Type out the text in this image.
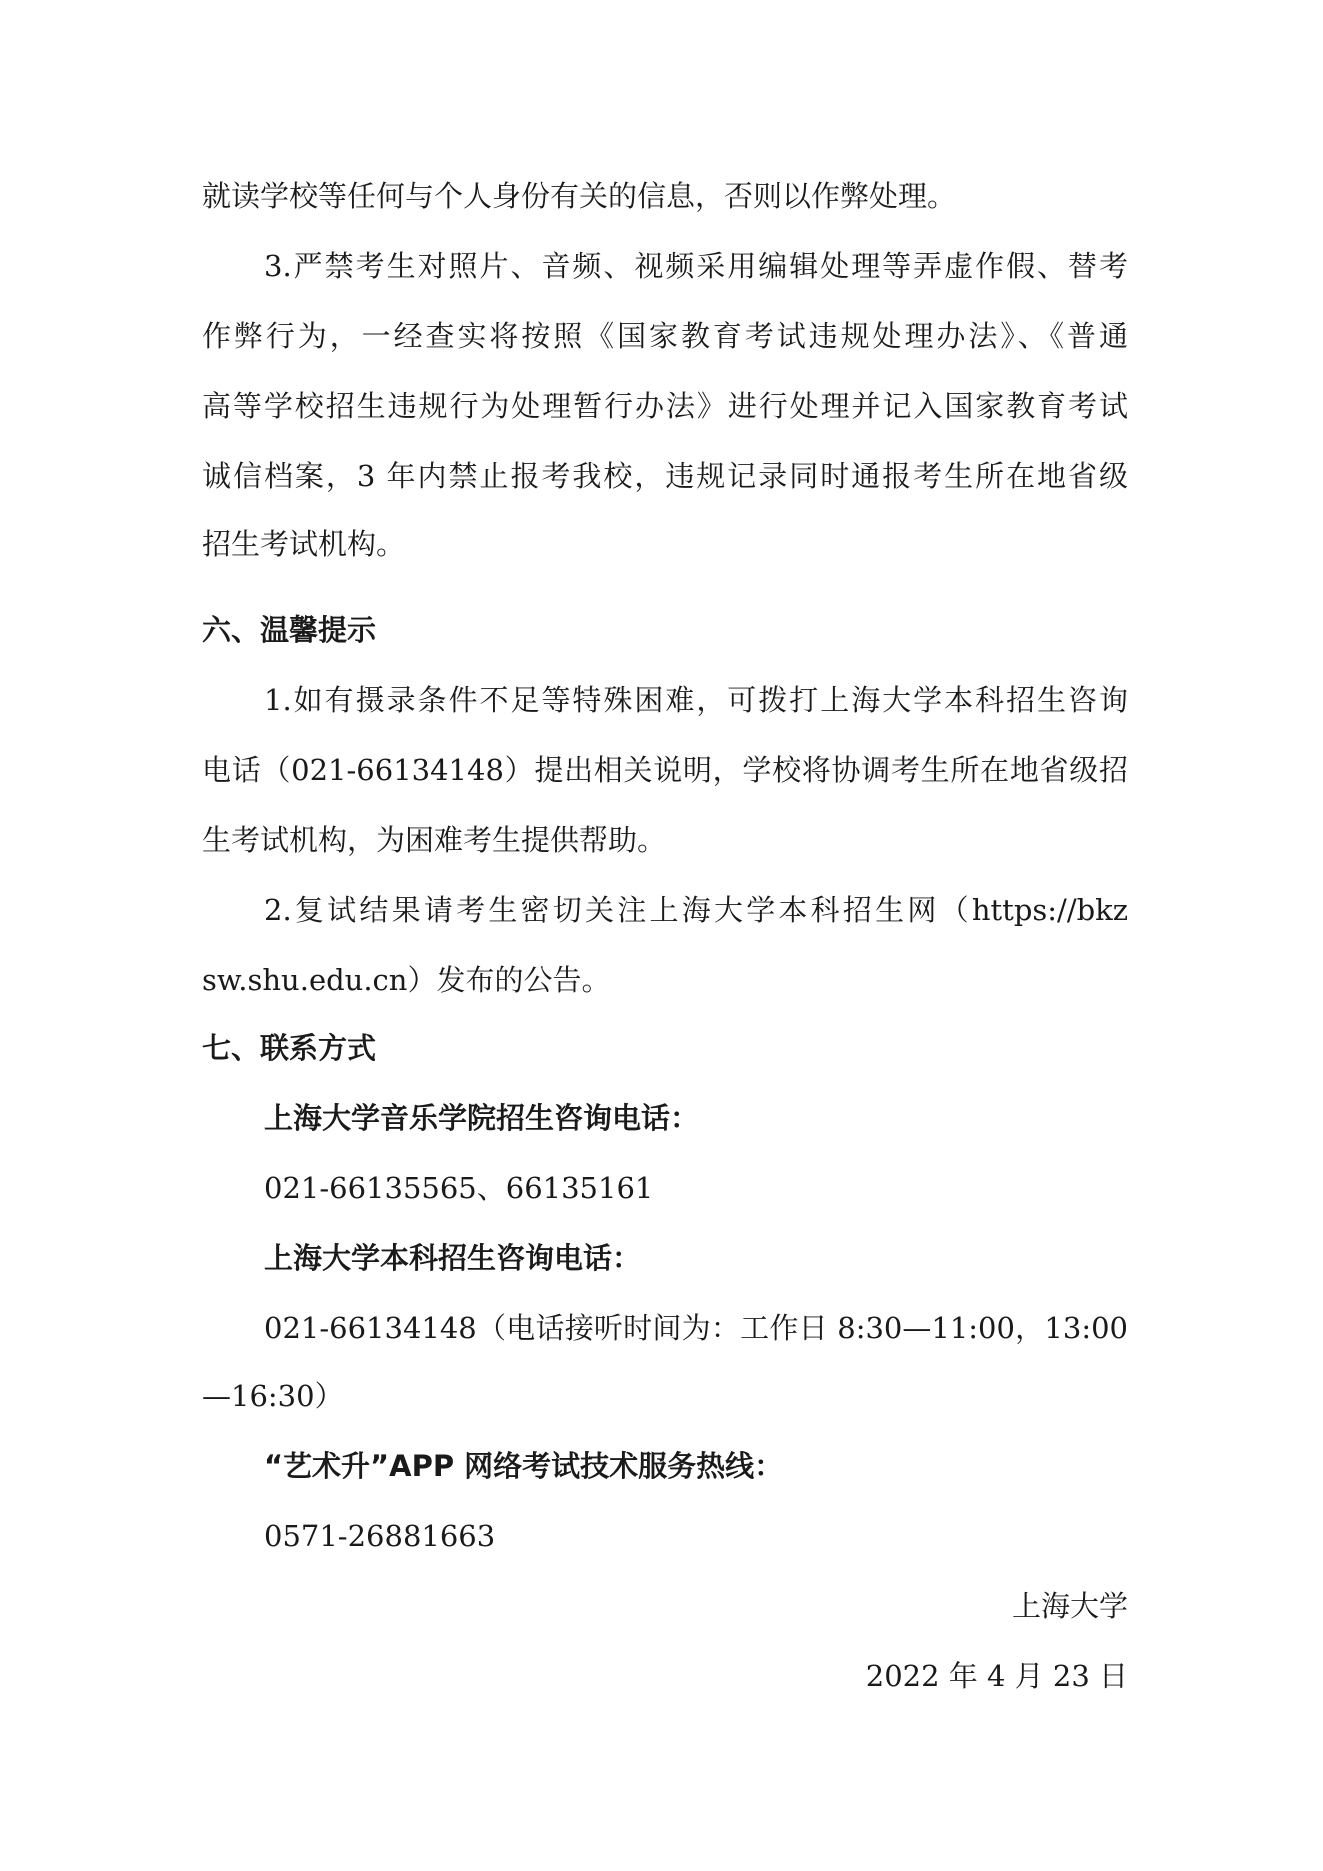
就读学校等任何与个人身份有关的信息，否则以作弊处理。
3.严禁考生对照片、音频、视频采用编辑处理等弄虚作假、替考
作弊行为，一经查实将按照《国家教育考试违规处理办法》、《普通
高等学校招生违规行为处理暂行办法》进行处理并记入国家教育考试
诚信档案，3 年内禁止报考我校，违规记录同时通报考生所在地省级
招生考试机构。
六、温馨提示
1.如有摄录条件不足等特殊困难，可拨打上海大学本科招生咨询
电话（021-66134148）提出相关说明，学校将协调考生所在地省级招
生考试机构，为困难考生提供帮助。
2.复试结果请考生密切关注上海大学本科招生网（https://bkz
sw.shu.edu.cn）发布的公告。
七、联系方式
上海大学音乐学院招生咨询电话：
021-66135565、66135161
上海大学本科招生咨询电话：
021-66134148（电话接听时间为：工作日 8:30—11:00，13:00
—16:30）
“艺术升”APP 网络考试技术服务热线：
0571-26881663
上海大学
2022 年 4 月 23 日
